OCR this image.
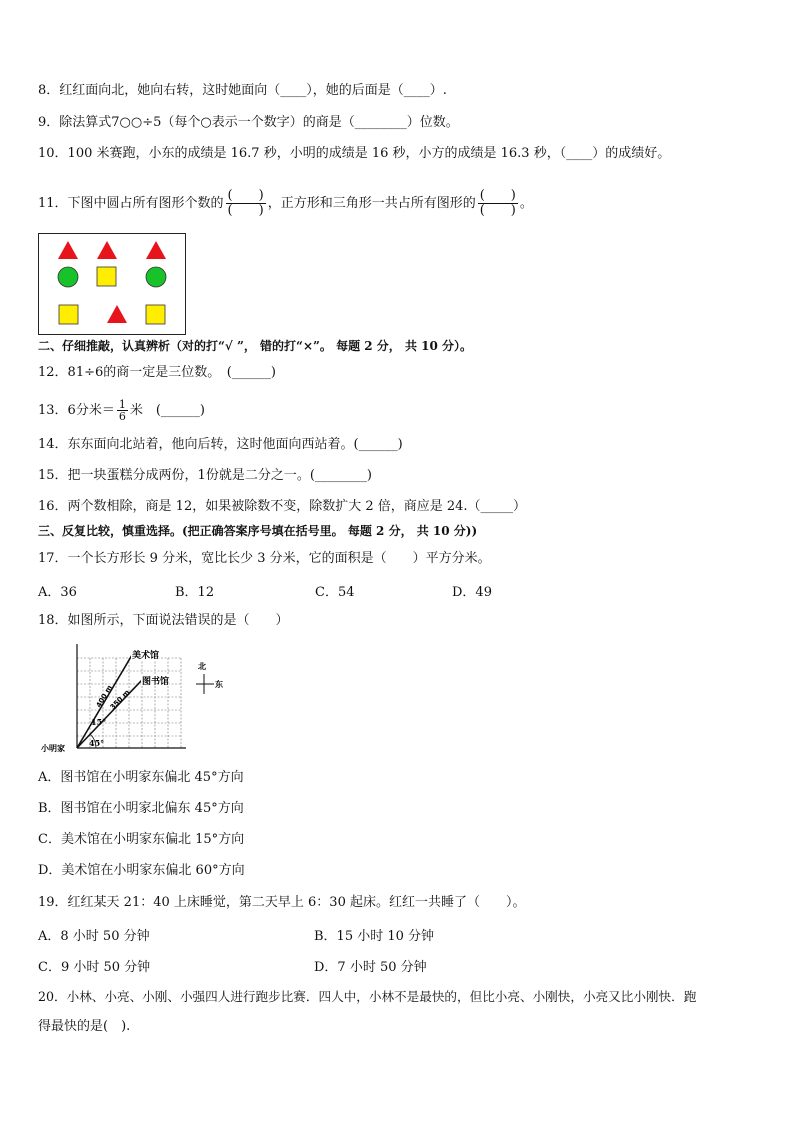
8．红红面向北，她向右转，这时她面向（____），她的后面是（____）.
9．除法算式7○○÷5（每个○表示一个数字）的商是（________）位数。
10．100 米赛跑，小东的成绩是 16.7 秒，小明的成绩是 16 秒，小方的成绩是 16.3 秒，（____）的成绩好。
11．下图中圆占所有图形个数的 $\frac{( )}{( )}$ ，正方形和三角形一共占所有图形的 $\frac{( )}{( )}$ 。
二、仔细推敲，认真辨析（对的打“√ ”， 错的打“×”。 每题 2 分， 共 10 分）。
12．81÷6的商一定是三位数。　(______)
13．6分米＝ $\frac{1}{6}$ 米　(______)
14．东东面向北站着，他向后转，这时他面向西站着。(______)
15．把一块蛋糕分成两份，1份就是二分之一。(________)
16．两个数相除，商是 12，如果被除数不变，除数扩大 2 倍，商应是 24.（_____）
三、反复比较，慎重选择。(把正确答案序号填在括号里。 每题 2 分， 共 10 分))
17．一个长方形长 9 分米，宽比长少 3 分米，它的面积是（　　）平方分米。
A．36	B．12	C．54	D．49
18．如图所示，下面说法错误的是（　　）
美术馆
图书馆
400 m
350 m
15°
45°
小明家
北
东
A．图书馆在小明家东偏北 45°方向
B．图书馆在小明家北偏东 45°方向
C．美术馆在小明家东偏北 15°方向
D．美术馆在小明家东偏北 60°方向
19．红红某天 21：40 上床睡觉，第二天早上 6：30 起床。红红一共睡了（　　）。
A．8 小时 50 分钟	B．15 小时 10 分钟
C．9 小时 50 分钟	D．7 小时 50 分钟
20．小林、小亮、小刚、小强四人进行跑步比赛．四人中，小林不是最快的，但比小亮、小刚快，小亮又比小刚快．跑
得最快的是(　).
